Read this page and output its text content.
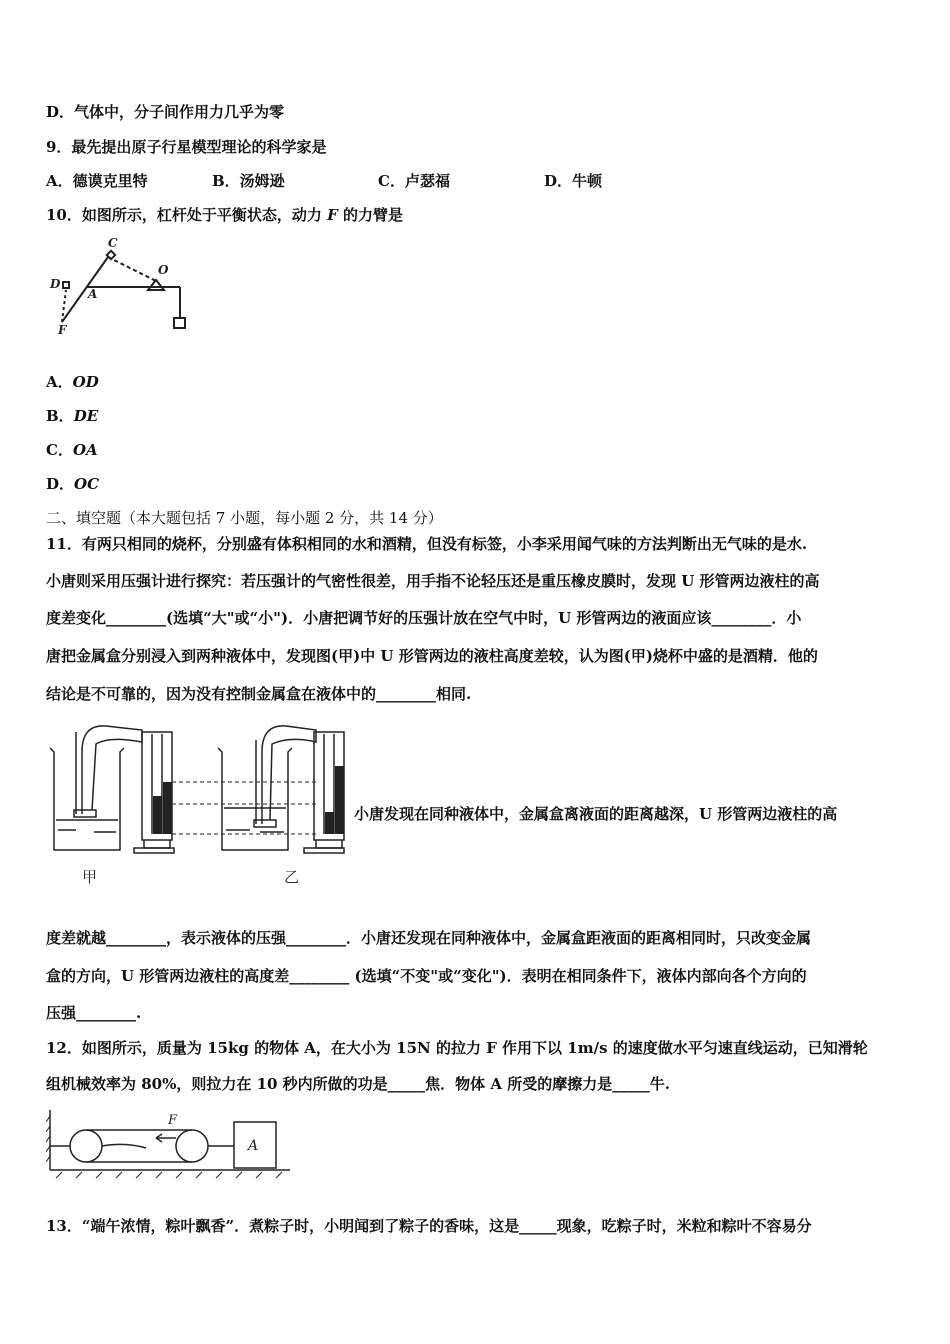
D．气体中，分子间作用力几乎为零
9．最先提出原子行星模型理论的科学家是
A．德谟克里特	B．汤姆逊	C．卢瑟福	D．牛顿
10．如图所示，杠杆处于平衡状态，动力 F 的力臂是
C
D
A
O
F
A．OD
B．DE
C．OA
D．OC
二、填空题（本大题包括 7 小题，每小题 2 分，共 14 分）
11．有两只相同的烧杯，分别盛有体积相同的水和酒精，但没有标签，小李采用闻气味的方法判断出无气味的是水.
小唐则采用压强计进行探究：若压强计的气密性很差，用手指不论轻压还是重压橡皮膜时，发现 U 形管两边液柱的高
度差变化________(选填“大"或“小")．小唐把调节好的压强计放在空气中时，U 形管两边的液面应该________．小
唐把金属盒分别浸入到两种液体中，发现图(甲)中 U 形管两边的液柱高度差较，认为图(甲)烧杯中盛的是酒精．他的
结论是不可靠的，因为没有控制金属盒在液体中的________相同.
甲	乙
小唐发现在同种液体中，金属盒离液面的距离越深，U 形管两边液柱的高
度差就越________，表示液体的压强________．小唐还发现在同种液体中，金属盒距液面的距离相同时，只改变金属
盒的方向，U 形管两边液柱的高度差________ (选填“不变"或“变化")．表明在相同条件下，液体内部向各个方向的
压强________.
12．如图所示，质量为 15kg 的物体 A，在大小为 15N 的拉力 F 作用下以 1m/s 的速度做水平匀速直线运动，已知滑轮
组机械效率为 80%，则拉力在 10 秒内所做的功是_____焦．物体 A 所受的摩擦力是_____牛.
F
A
13．“端午浓情，粽叶飘香”．煮粽子时，小明闻到了粽子的香味，这是_____现象，吃粽子时，米粒和粽叶不容易分
